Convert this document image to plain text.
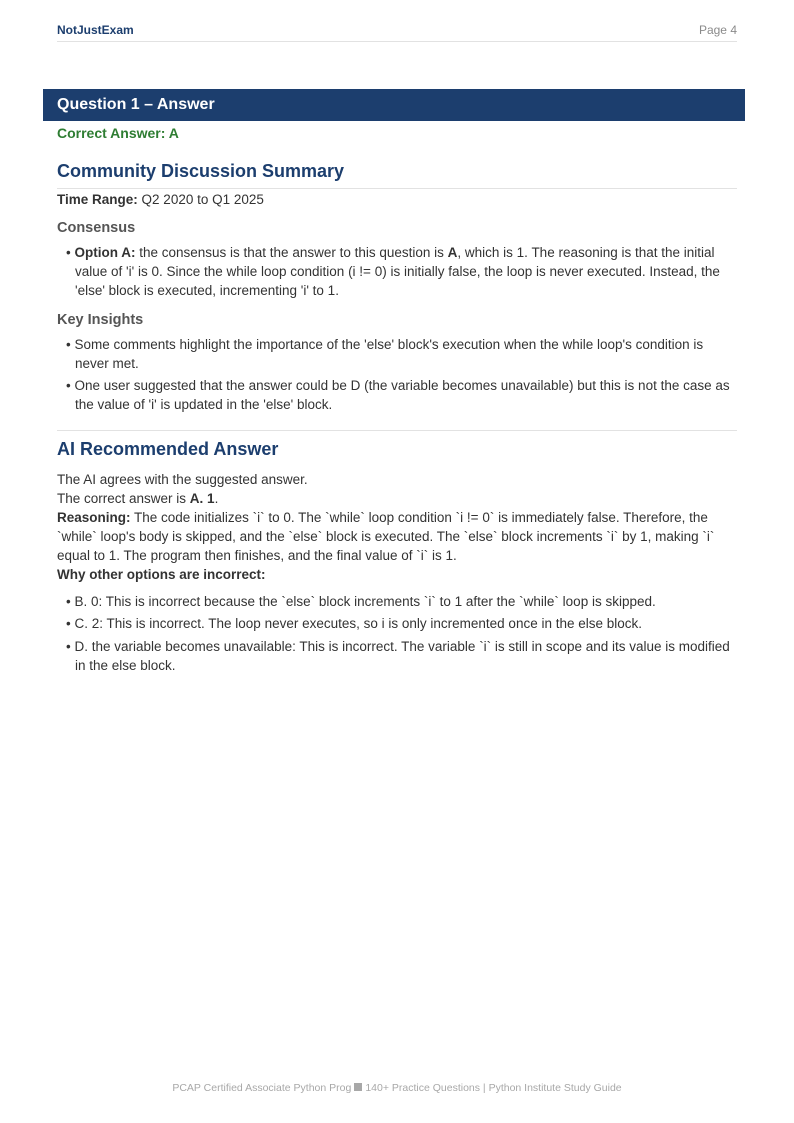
NotJustExam	Page 4
Question 1 – Answer
Correct Answer: A
Community Discussion Summary
Time Range: Q2 2020 to Q1 2025
Consensus
• Option A: the consensus is that the answer to this question is A, which is 1. The reasoning is that the initial value of 'i' is 0. Since the while loop condition (i != 0) is initially false, the loop is never executed. Instead, the 'else' block is executed, incrementing 'i' to 1.
Key Insights
• Some comments highlight the importance of the 'else' block's execution when the while loop's condition is never met.
• One user suggested that the answer could be D (the variable becomes unavailable) but this is not the case as the value of 'i' is updated in the 'else' block.
AI Recommended Answer
The AI agrees with the suggested answer.
The correct answer is A. 1.
Reasoning: The code initializes `i` to 0. The `while` loop condition `i != 0` is immediately false. Therefore, the
`while` loop's body is skipped, and the `else` block is executed. The `else` block increments `i` by 1, making `i`
equal to 1. The program then finishes, and the final value of `i` is 1.
Why other options are incorrect:
• B. 0: This is incorrect because the `else` block increments `i` to 1 after the `while` loop is skipped.
• C. 2: This is incorrect. The loop never executes, so i is only incremented once in the else block.
• D. the variable becomes unavailable: This is incorrect. The variable `i` is still in scope and its value is modified in the else block.
PCAP Certified Associate Python Prog 140+ Practice Questions | Python Institute Study Guide
